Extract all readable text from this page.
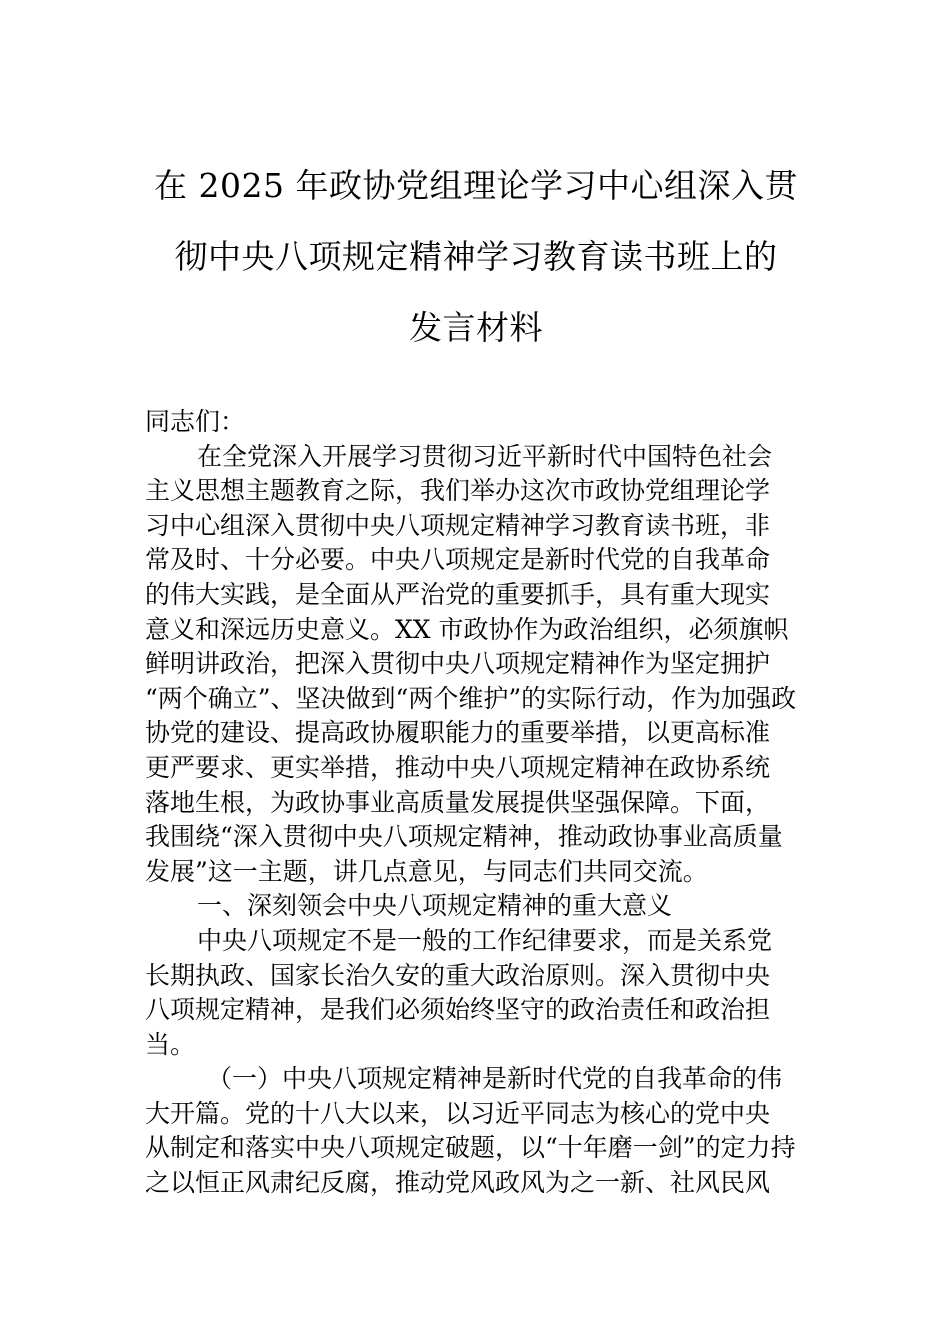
在 2025 年政协党组理论学习中心组深入贯
彻中央八项规定精神学习教育读书班上的
发言材料

同志们：

在全党深入开展学习贯彻习近平新时代中国特色社会
主义思想主题教育之际，我们举办这次市政协党组理论学
习中心组深入贯彻中央八项规定精神学习教育读书班，非
常及时、十分必要。中央八项规定是新时代党的自我革命
的伟大实践，是全面从严治党的重要抓手，具有重大现实
意义和深远历史意义。XX 市政协作为政治组织，必须旗帜
鲜明讲政治，把深入贯彻中央八项规定精神作为坚定拥护
“两个确立”、坚决做到“两个维护”的实际行动，作为加强政
协党的建设、提高政协履职能力的重要举措，以更高标准
更严要求、更实举措，推动中央八项规定精神在政协系统
落地生根，为政协事业高质量发展提供坚强保障。下面，
我围绕“深入贯彻中央八项规定精神，推动政协事业高质量
发展”这一主题，讲几点意见，与同志们共同交流。
一、深刻领会中央八项规定精神的重大意义
中央八项规定不是一般的工作纪律要求，而是关系党
长期执政、国家长治久安的重大政治原则。深入贯彻中央
八项规定精神，是我们必须始终坚守的政治责任和政治担
当。
（一）中央八项规定精神是新时代党的自我革命的伟
大开篇。党的十八大以来，以习近平同志为核心的党中央
从制定和落实中央八项规定破题，以“十年磨一剑”的定力持
之以恒正风肃纪反腐，推动党风政风为之一新、社风民风
